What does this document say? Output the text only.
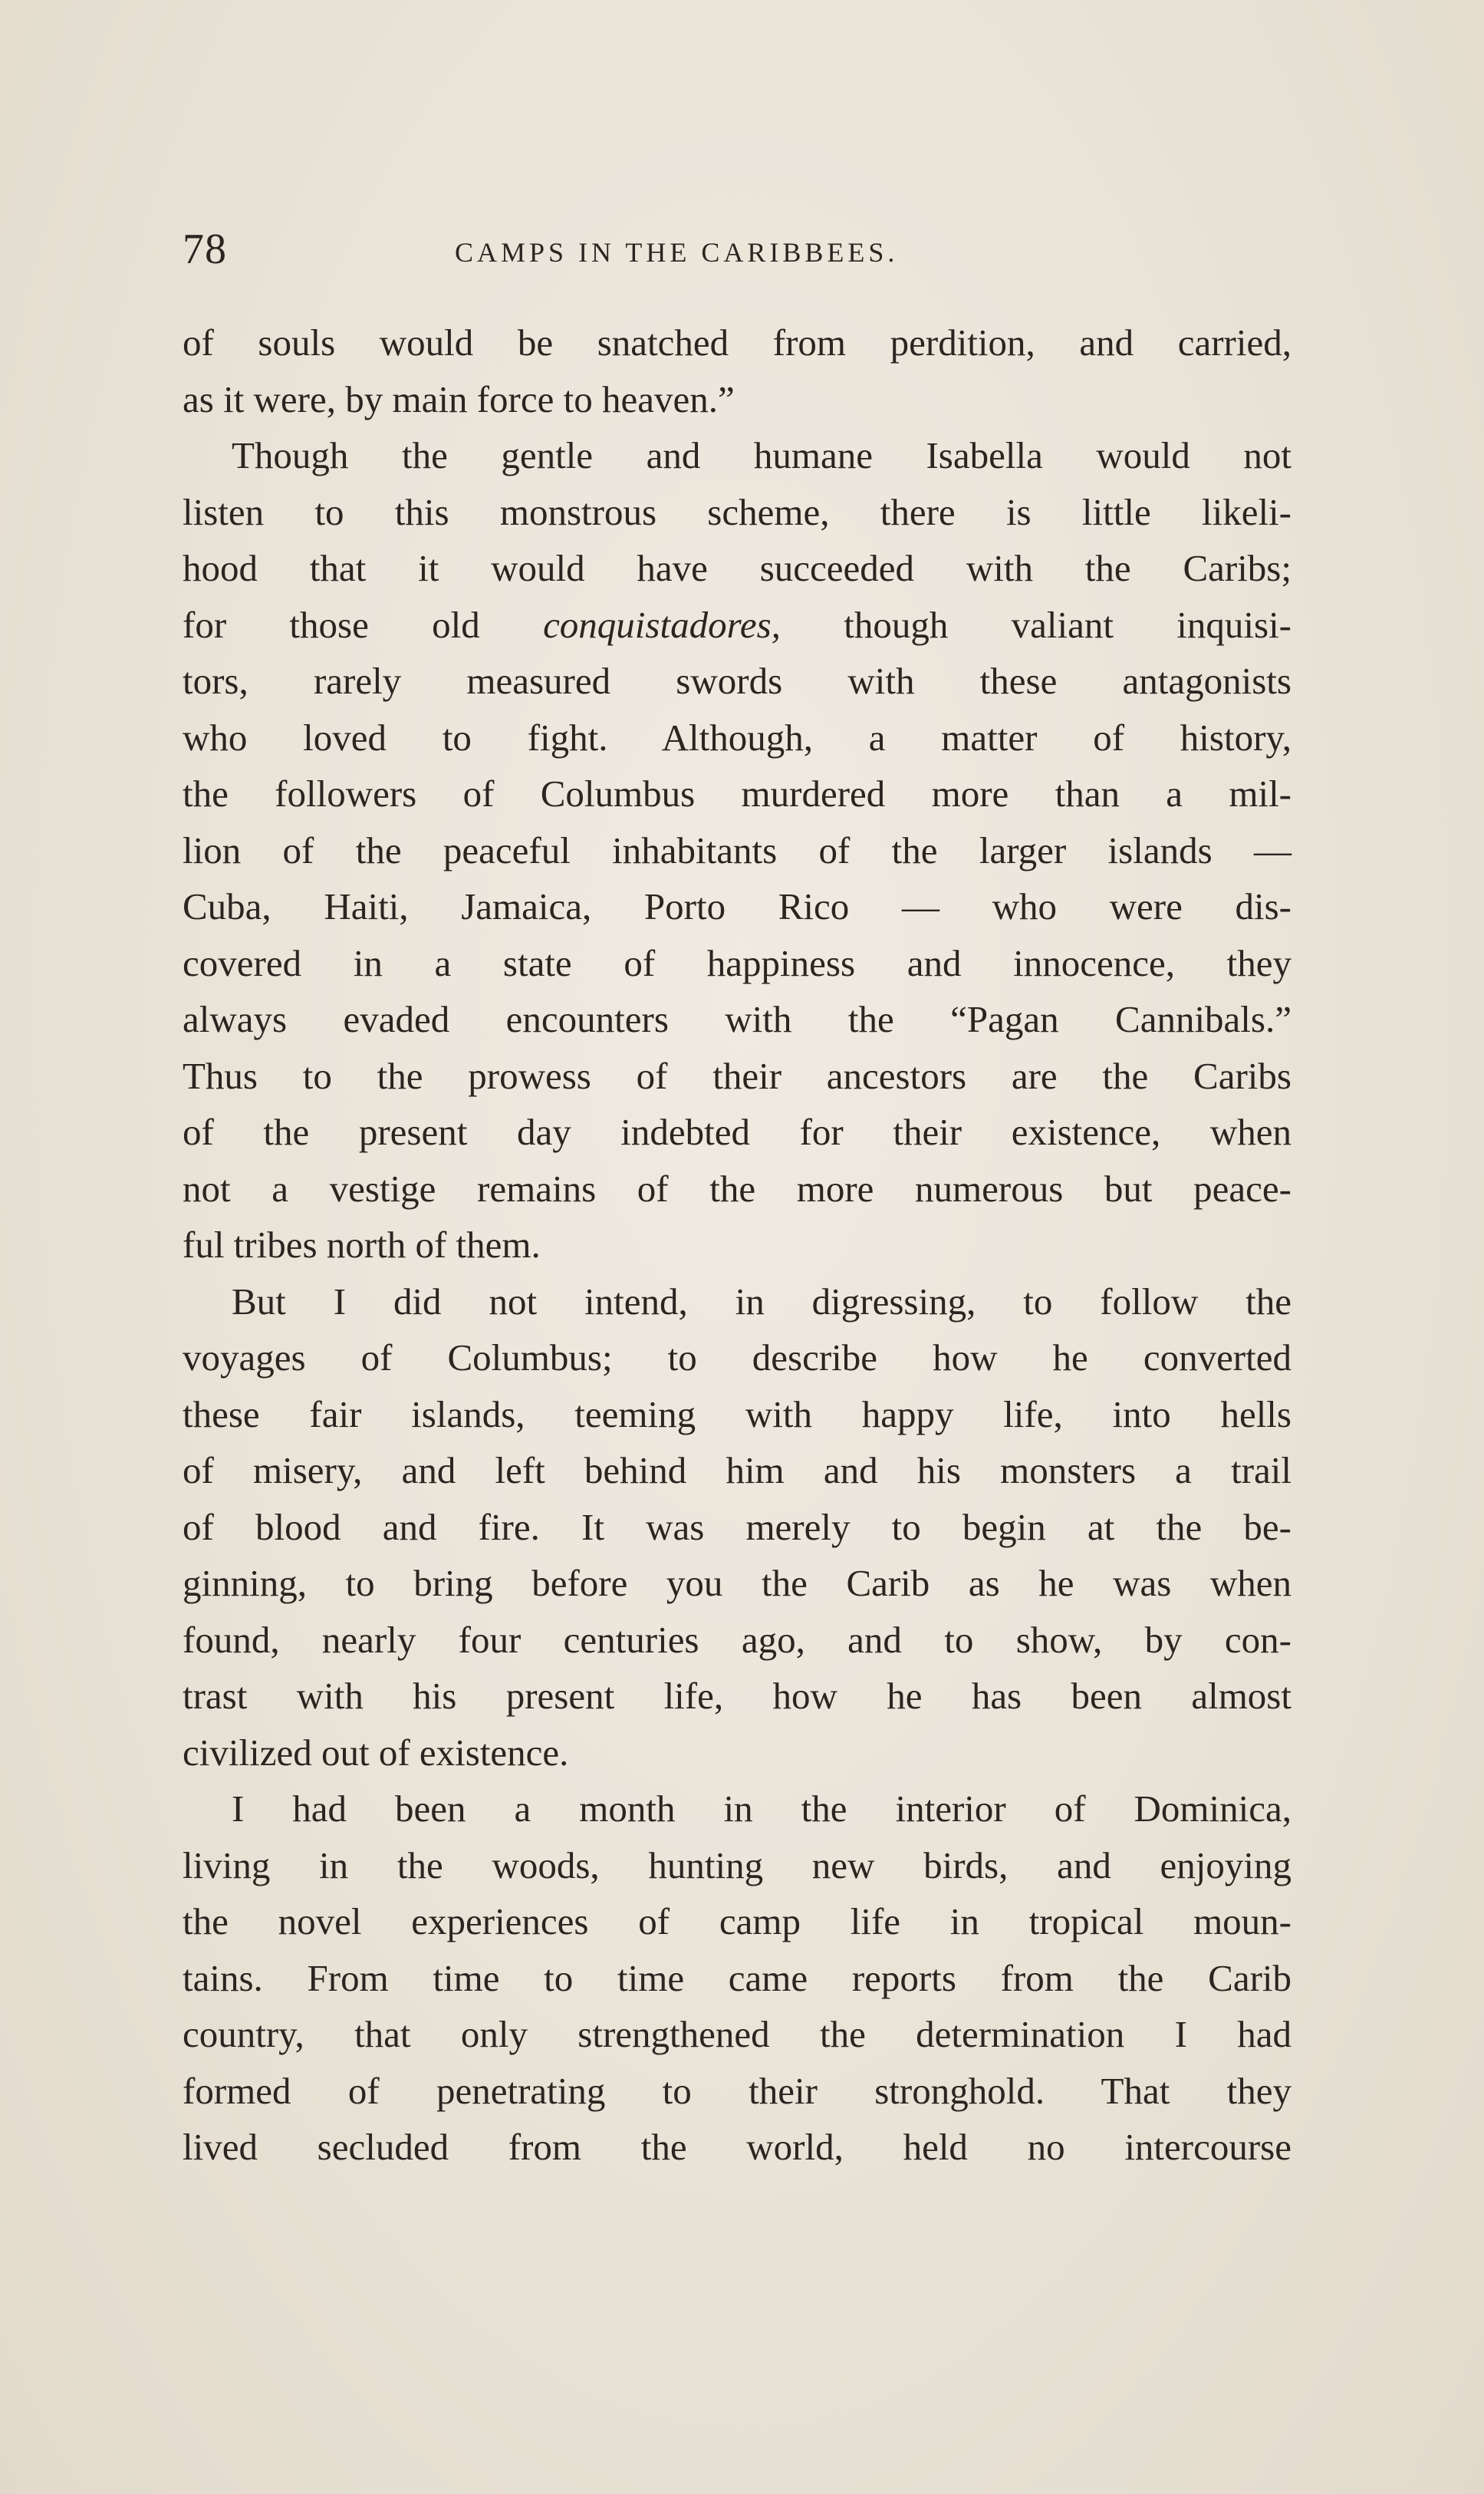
78	CAMPS IN THE CARIBBEES.
of souls would be snatched from perdition, and carried,
as it were, by main force to heaven.”
Though the gentle and humane Isabella would not
listen to this monstrous scheme, there is little likeli-
hood that it would have succeeded with the Caribs;
for those old conquistadores, though valiant inquisi-
tors, rarely measured swords with these antagonists
who loved to fight. Although, a matter of history,
the followers of Columbus murdered more than a mil-
lion of the peaceful inhabitants of the larger islands —
Cuba, Haiti, Jamaica, Porto Rico — who were dis-
covered in a state of happiness and innocence, they
always evaded encounters with the “Pagan Cannibals.”
Thus to the prowess of their ancestors are the Caribs
of the present day indebted for their existence, when
not a vestige remains of the more numerous but peace-
ful tribes north of them.
But I did not intend, in digressing, to follow the
voyages of Columbus; to describe how he converted
these fair islands, teeming with happy life, into hells
of misery, and left behind him and his monsters a trail
of blood and fire. It was merely to begin at the be-
ginning, to bring before you the Carib as he was when
found, nearly four centuries ago, and to show, by con-
trast with his present life, how he has been almost
civilized out of existence.
I had been a month in the interior of Dominica,
living in the woods, hunting new birds, and enjoying
the novel experiences of camp life in tropical moun-
tains. From time to time came reports from the Carib
country, that only strengthened the determination I had
formed of penetrating to their stronghold. That they
lived secluded from the world, held no intercourse
